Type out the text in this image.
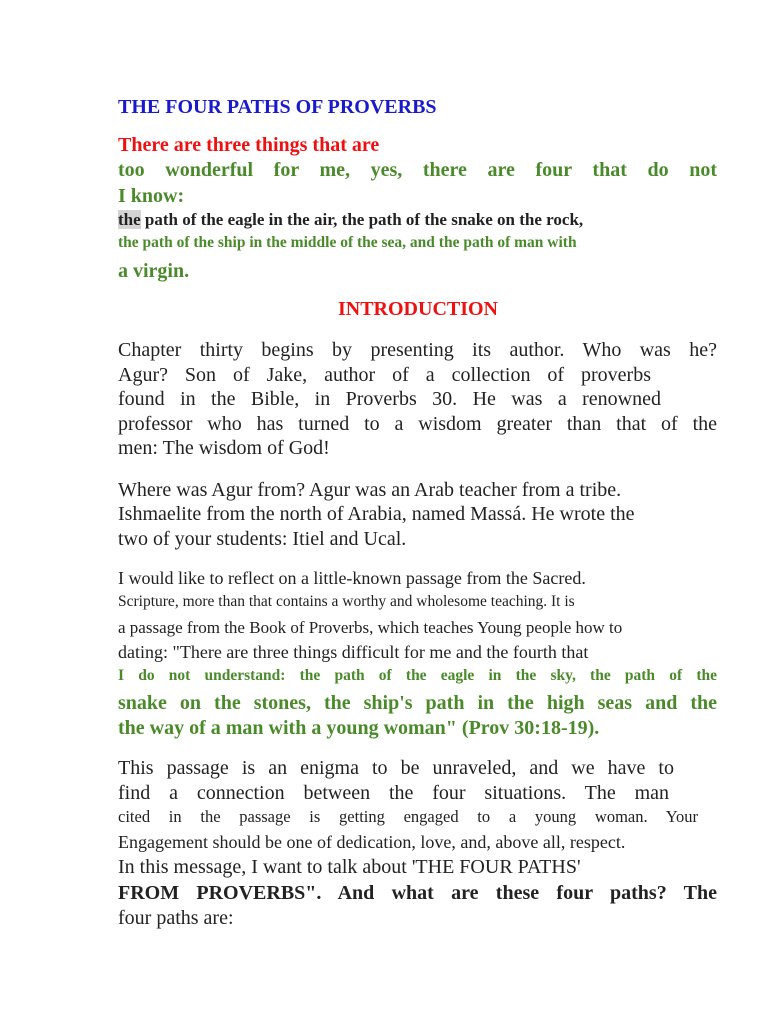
THE FOUR PATHS OF PROVERBS
There are three things that are
too wonderful for me, yes, there are four that do not
I know:
the path of the eagle in the air, the path of the snake on the rock,
the path of the ship in the middle of the sea, and the path of man with
a virgin.
INTRODUCTION
Chapter thirty begins by presenting its author. Who was he?
Agur? Son of Jake, author of a collection of proverbs
found in the Bible, in Proverbs 30. He was a renowned
professor who has turned to a wisdom greater than that of the
men: The wisdom of God!
Where was Agur from? Agur was an Arab teacher from a tribe.
Ishmaelite from the north of Arabia, named Massá. He wrote the
two of your students: Itiel and Ucal.
I would like to reflect on a little-known passage from the Sacred.
Scripture, more than that contains a worthy and wholesome teaching. It is
a passage from the Book of Proverbs, which teaches Young people how to
dating: "There are three things difficult for me and the fourth that
I do not understand: the path of the eagle in the sky, the path of the
snake on the stones, the ship's path in the high seas and the
the way of a man with a young woman" (Prov 30:18-19).
This passage is an enigma to be unraveled, and we have to
find a connection between the four situations. The man
cited in the passage is getting engaged to a young woman. Your
Engagement should be one of dedication, love, and, above all, respect.
In this message, I want to talk about 'THE FOUR PATHS'
FROM PROVERBS". And what are these four paths? The
four paths are:
